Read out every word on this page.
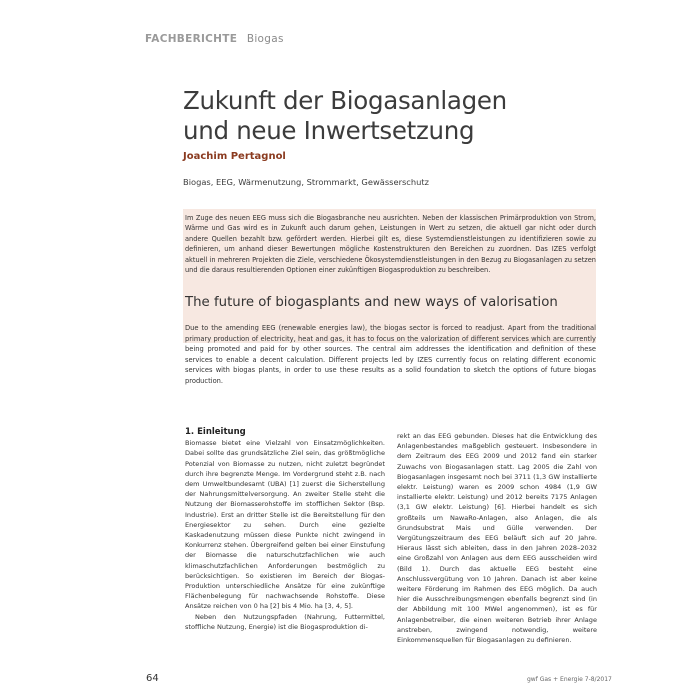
FACHBERICHTE Biogas
Zukunft der Biogasanlagen
und neue Inwertsetzung
Joachim Pertagnol
Biogas, EEG, Wärmenutzung, Strommarkt, Gewässerschutz

Im Zuge des neuen EEG muss sich die Biogasbranche neu ausrichten. Neben der klassischen Primärproduktion von Strom, Wärme und Gas wird es in Zukunft auch darum gehen, Leistungen in Wert zu setzen, die aktuell gar nicht oder durch andere Quellen bezahlt bzw. gefördert werden. Hierbei gilt es, diese Systemdienstleistungen zu identifizieren sowie zu definieren, um anhand dieser Bewertungen mögliche Kostenstrukturen den Bereichen zu zuordnen. Das IZES verfolgt aktuell in mehreren Projekten die Ziele, verschiedene Ökosystemdienstleistungen in den Bezug zu Biogasanlagen zu setzen und die daraus resultierenden Optionen einer zukünftigen Biogasproduktion zu beschreiben.

The future of biogasplants and new ways of valorisation

Due to the amending EEG (renewable energies law), the biogas sector is forced to readjust. Apart from the traditional primary production of electricity, heat and gas, it has to focus on the valorization of different services which are currently being promoted and paid for by other sources. The central aim addresses the identification and definition of these services to enable a decent calculation. Different projects led by IZES currently focus on relating different economic services with biogas plants, in order to use these results as a solid foundation to sketch the options of future biogas production.

1. Einleitung

Biomasse bietet eine Vielzahl von Einsatzmöglichkeiten. Dabei sollte das grundsätzliche Ziel sein, das größtmögliche Potenzial von Biomasse zu nutzen, nicht zuletzt begründet durch ihre begrenzte Menge. Im Vordergrund steht z.B. nach dem Umweltbundesamt (UBA) [1] zuerst die Sicherstellung der Nahrungsmittelversorgung. An zweiter Stelle steht die Nutzung der Biomasserohstoffe im stofflichen Sektor (Bsp. Industrie). Erst an dritter Stelle ist die Bereitstellung für den Energiesektor zu sehen. Durch eine gezielte Kaskadenutzung müssen diese Punkte nicht zwingend in Konkurrenz stehen. Übergreifend gelten bei einer Einstufung der Biomasse die naturschutzfachlichen wie auch klimaschutzfachlichen Anforderungen bestmöglich zu berücksichtigen. So existieren im Bereich der Biogas-Produktion unterschiedliche Ansätze für eine zukünftige Flächenbelegung für nachwachsende Rohstoffe. Diese Ansätze reichen von 0 ha [2] bis 4 Mio. ha [3, 4, 5].

Neben den Nutzungspfaden (Nahrung, Futtermittel, stoffliche Nutzung, Energie) ist die Biogasproduktion di-

rekt an das EEG gebunden. Dieses hat die Entwicklung des Anlagenbestandes maßgeblich gesteuert. Insbesondere in dem Zeitraum des EEG 2009 und 2012 fand ein starker Zuwachs von Biogasanlagen statt. Lag 2005 die Zahl von Biogasanlagen insgesamt noch bei 3711 (1,3 GW installierte elektr. Leistung) waren es 2009 schon 4984 (1,9 GW installierte elektr. Leistung) und 2012 bereits 7175 Anlagen (3,1 GW elektr. Leistung) [6]. Hierbei handelt es sich großteils um NawaRo-Anlagen, also Anlagen, die als Grundsubstrat Mais und Gülle verwenden. Der Vergütungszeitraum des EEG beläuft sich auf 20 Jahre. Hieraus lässt sich ableiten, dass in den Jahren 2028–2032 eine Großzahl von Anlagen aus dem EEG ausscheiden wird (Bild 1). Durch das aktuelle EEG besteht eine Anschlussvergütung von 10 Jahren. Danach ist aber keine weitere Förderung im Rahmen des EEG möglich. Da auch hier die Ausschreibungsmengen ebenfalls begrenzt sind (in der Abbildung mit 100 MWel angenommen), ist es für Anlagenbetreiber, die einen weiteren Betrieb ihrer Anlage anstreben, zwingend notwendig, weitere Einkommensquellen für Biogasanlagen zu definieren.

64	gwf Gas + Energie 7-8/2017
